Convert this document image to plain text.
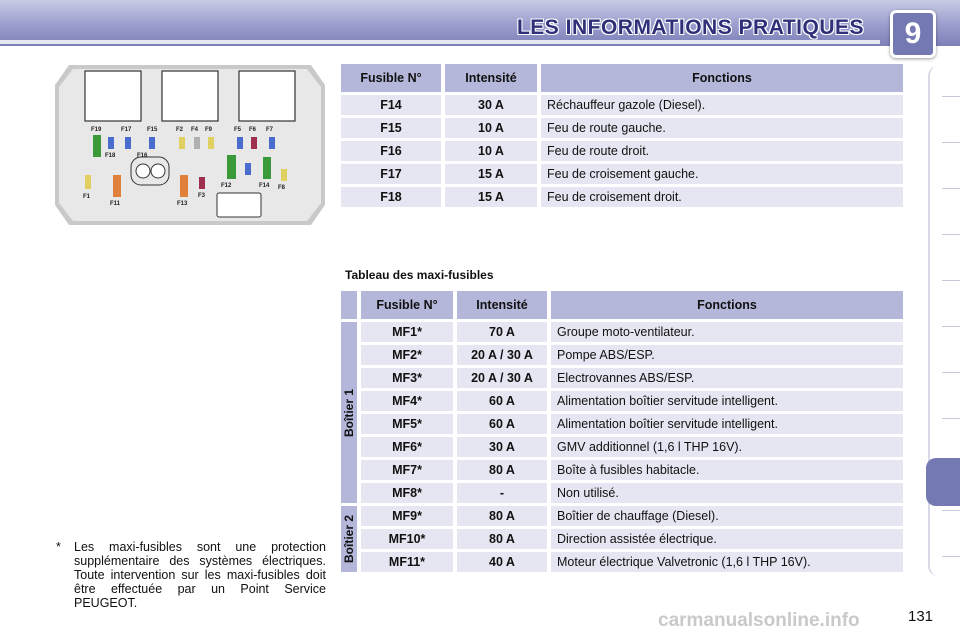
LES INFORMATIONS PRATIQUES	9
F19	F17	F15	F2 F4 F9	F5 F6 F7
F18	F16
F12	F14 F8
F1
F11	F13
F3
Fusible N°	Intensité	Fonctions
F14	30 A	Réchauffeur gazole (Diesel).
F15	10 A	Feu de route gauche.
F16	10 A	Feu de route droit.
F17	15 A	Feu de croisement gauche.
F18	15 A	Feu de croisement droit.
Tableau des maxi-fusibles
	Fusible N°	Intensité	Fonctions

Boîtier 1	MF1*	70 A	Groupe moto-ventilateur.
	MF2*	20 A / 30 A	Pompe ABS/ESP.
	MF3*	20 A / 30 A	Electrovannes ABS/ESP.
	MF4*	60 A	Alimentation boîtier servitude intelligent.
	MF5*	60 A	Alimentation boîtier servitude intelligent.
	MF6*	30 A	GMV additionnel (1,6 l THP 16V).
	MF7*	80 A	Boîte à fusibles habitacle.
	MF8*	-	Non utilisé.

Boîtier 2	MF9*	80 A	Boîtier de chauffage (Diesel).
	MF10*	80 A	Direction assistée électrique.
	MF11*	40 A	Moteur électrique Valvetronic (1,6 l THP 16V).
* Les maxi-fusibles sont une protection supplémentaire des systèmes électriques. Toute intervention sur les maxi-fusibles doit être effectuée par un Point Service PEUGEOT.
carmanualsonline.info	131
